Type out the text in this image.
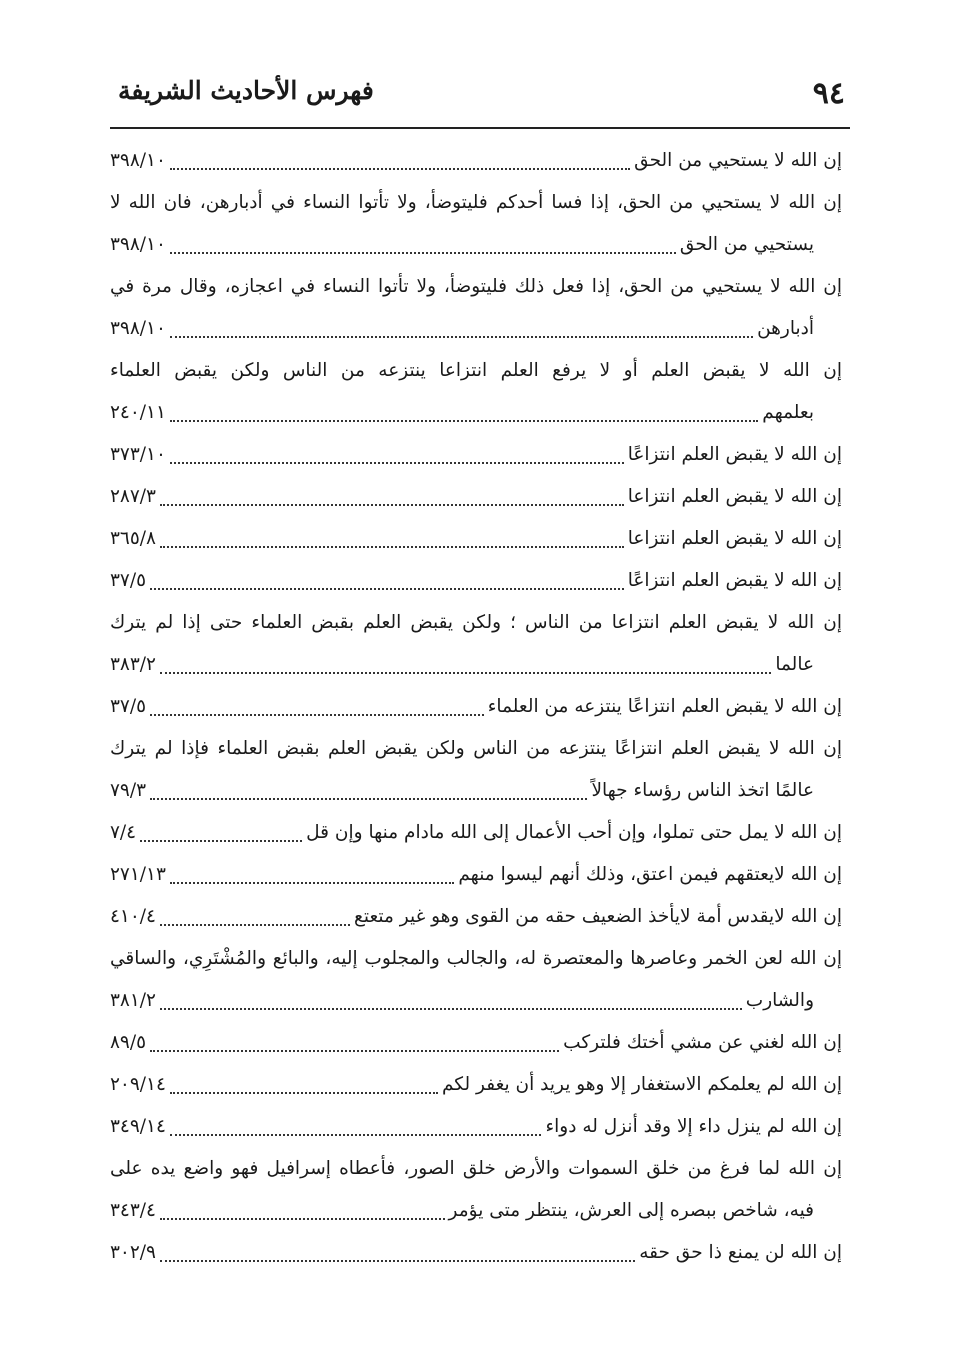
٩٤
فهرس الأحاديث الشريفة
إن الله لا يستحيي من الحق
٣٩٨/١٠
إن الله لا يستحيي من الحق، إذا فسا أحدكم فليتوضأ، ولا تأتوا النساء في أدبارهن، فان الله لا
يستحيي من الحق
٣٩٨/١٠
إن الله لا يستحيي من الحق، إذا فعل ذلك فليتوضأ، ولا تأتوا النساء في اعجازه، وقال مرة في
أدبارهن
٣٩٨/١٠
إن الله لا يقبض العلم أو لا يرفع العلم انتزاعا ينتزعه من الناس ولكن يقبض العلماء
بعلمهم
٢٤٠/١١
إن الله لا يقبض العلم انتزاعًا
٣٧٣/١٠
إن الله لا يقبض العلم انتزاعا
٢٨٧/٣
إن الله لا يقبض العلم انتزاعا
٣٦٥/٨
إن الله لا يقبض العلم انتزاعًا
٣٧/٥
إن الله لا يقبض العلم انتزاعا من الناس ؛ ولكن يقبض العلم بقبض العلماء حتى إذا لم يترك
عالما
٣٨٣/٢
إن الله لا يقبض العلم انتزاعًا ينتزعه من العلماء
٣٧/٥
إن الله لا يقبض العلم انتزاعًا ينتزعه من الناس ولكن يقبض العلم بقبض العلماء فإذا لم يترك
عالمًا اتخذ الناس رؤساء جهالاً
٧٩/٣
إن الله لا يمل حتى تملوا، وإن أحب الأعمال إلى الله مادام منها وإن قل
٧/٤
إن الله لايعتقهم فيمن اعتق، وذلك أنهم ليسوا منهم
٢٧١/١٣
إن الله لايقدس أمة لايأخذ الضعيف حقه من القوى وهو غير متعتع
٤١٠/٤
إن الله لعن الخمر وعاصرها والمعتصرة له، والجالب والمجلوب إليه، والبائع والمُشْتَرِي، والساقي
والشارب
٣٨١/٢
إن الله لغني عن مشي أختك فلتركب
٨٩/٥
إن الله لم يعلمكم الاستغفار إلا وهو يريد أن يغفر لكم
٢٠٩/١٤
إن الله لم ينزل داء إلا وقد أنزل له دواء
٣٤٩/١٤
إن الله لما فرغ من خلق السموات والأرض خلق الصور، فأعطاه إسرافيل فهو واضع يده على
فيه، شاخص ببصره إلى العرش، ينتظر متى يؤمر
٣٤٣/٤
إن الله لن يمنع ذا حق حقه
٣٠٢/٩
